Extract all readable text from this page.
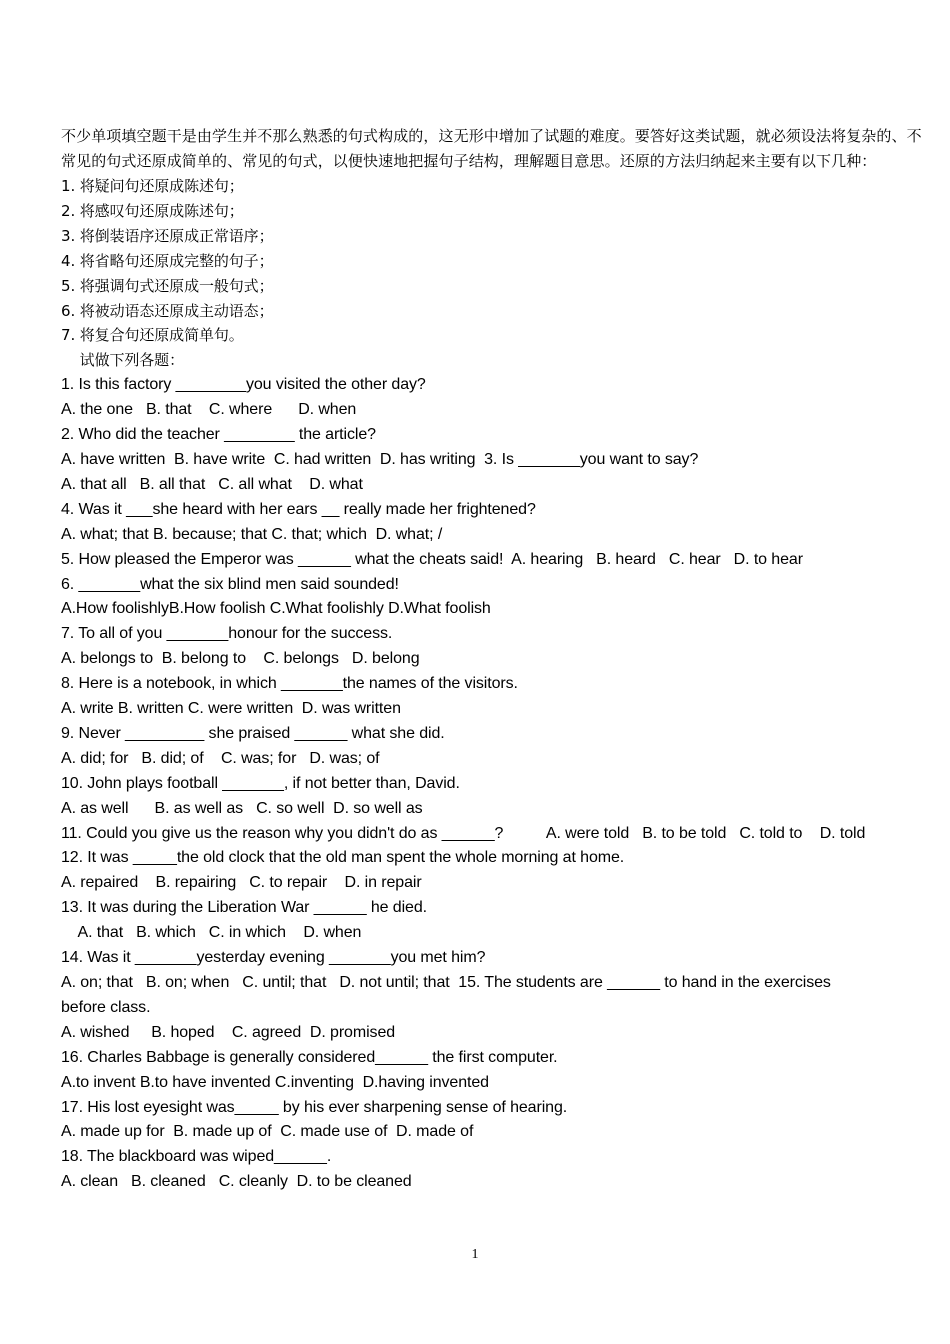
不少单项填空题干是由学生并不那么熟悉的句式构成的，这无形中增加了试题的难度。要答好这类试题，就必须设法将复杂的、不常见的句式还原成简单的、常见的句式，以便快速地把握句子结构，理解题目意思。还原的方法归纳起来主要有以下几种：

1. 将疑问句还原成陈述句；
2. 将感叹句还原成陈述句；
3. 将倒装语序还原成正常语序；
4. 将省略句还原成完整的句子；
5. 将强调句式还原成一般句式；
6. 将被动语态还原成主动语态；
7. 将复合句还原成简单句。
试做下列各题：
1. Is this factory ________you visited the other day?
A. the one   B. that    C. where      D. when
2. Who did the teacher ________ the article?
A. have written  B. have write  C. had written  D. has writing  3. Is _______you want to say?
A. that all   B. all that   C. all what    D. what
4. Was it ___she heard with her ears __ really made her frightened?
A. what; that B. because; that C. that; which  D. what; /
5. How pleased the Emperor was ______ what the cheats said!  A. hearing   B. heard   C. hear   D. to hear
6. _______what the six blind men said sounded!
A.How foolishlyB.How foolish C.What foolishly D.What foolish
7. To all of you _______honour for the success.
A. belongs to  B. belong to    C. belongs   D. belong
8. Here is a notebook, in which _______the names of the visitors.
A. write B. written C. were written  D. was written
9. Never _________ she praised ______ what she did.
A. did; for   B. did; of    C. was; for   D. was; of
10. John plays football _______, if not better than, David.
A. as well      B. as well as   C. so well  D. so well as
11. Could you give us the reason why you didn't do as ______?          A. were told   B. to be told   C. told to    D. told
12. It was _____the old clock that the old man spent the whole morning at home.
A. repaired    B. repairing   C. to repair    D. in repair
13. It was during the Liberation War ______ he died.
A. that   B. which   C. in which    D. when
14. Was it _______yesterday evening _______you met him?
A. on; that   B. on; when   C. until; that   D. not until; that  15. The students are ______ to hand in the exercises
before class.
A. wished     B. hoped    C. agreed  D. promised
16. Charles Babbage is generally considered______ the first computer.
A.to invent B.to have invented C.inventing  D.having invented
17. His lost eyesight was_____ by his ever sharpening sense of hearing.
A. made up for  B. made up of  C. made use of  D. made of
18. The blackboard was wiped______.
A. clean   B. cleaned   C. cleanly  D. to be cleaned
1
